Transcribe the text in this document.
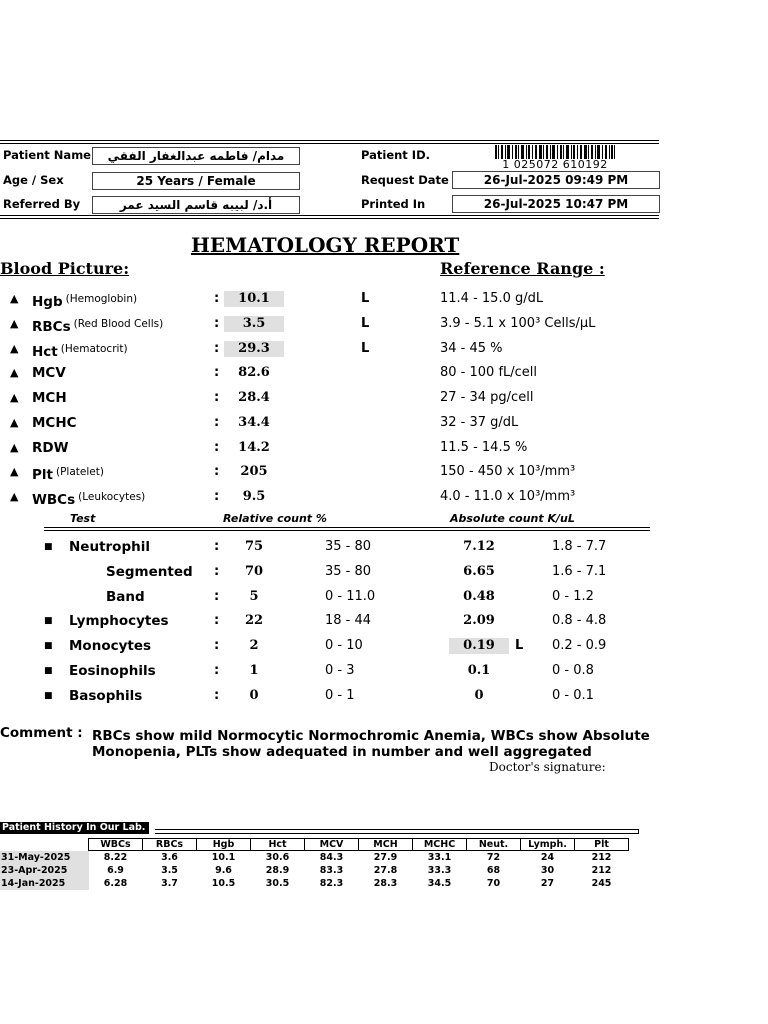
Patient Name	مدام/ فاطمه عبدالغفار الفقي
Age / Sex	25 Years / Female
Referred By	أ.د/ لبيبه قاسم السيد عمر
Patient ID.
1 025072 610192
Request Date	26-Jul-2025 09:49 PM
Printed In	26-Jul-2025 10:47 PM
HEMATOLOGY REPORT
Blood Picture:	Reference Range :
▲ Hgb $^{(Hemoglobin)}$	:	10.1	L	11.4 - 15.0 g/dL
▲ RBCs $^{(Red Blood Cells)}$	:	3.5	L	3.9 - 5.1 x 100³ Cells/μL
▲ Hct $^{(Hematocrit)}$	:	29.3	L	34 - 45 %
▲ MCV	:	82.6	80 - 100 fL/cell
▲ MCH	:	28.4	27 - 34 pg/cell
▲ MCHC	:	34.4	32 - 37 g/dL
▲ RDW	:	14.2	11.5 - 14.5 %
▲ Plt $^{(Platelet)}$	:	205	150 - 450 x 10³/mm³
▲ WBCs $^{(Leukocytes)}$	:	9.5	4.0 - 11.0 x 10³/mm³
Test	Relative count %	Absolute count K/uL
■ Neutrophil	:	75	35 - 80	7.12	1.8 - 7.7
Segmented :	70	35 - 80	6.65	1.6 - 7.1
Band	:	5	0 - 11.0	0.48	0 - 1.2
■ Lymphocytes	:	22	18 - 44	2.09	0.8 - 4.8
■ Monocytes	:	2	0 - 10	0.19	L 0.2 - 0.9
■ Eosinophils	:	1	0 - 3	0.1	0 - 0.8
■ Basophils	:	0	0 - 1	0	0 - 0.1
Comment : RBCs show mild Normocytic Normochromic Anemia, WBCs show Absolute
Monopenia, PLTs show adequated in number and well aggregated
Doctor's signature:
Patient History In Our Lab.
	WBCs	RBCs	Hgb	Hct	MCV	MCH	MCHC	Neut.	Lymph.	Plt
31-May-2025	8.22	3.6	10.1	30.6	84.3	27.9	33.1	72	24	212
23-Apr-2025	6.9	3.5	9.6	28.9	83.3	27.8	33.3	68	30	212
14-Jan-2025	6.28	3.7	10.5	30.5	82.3	28.3	34.5	70	27	245
